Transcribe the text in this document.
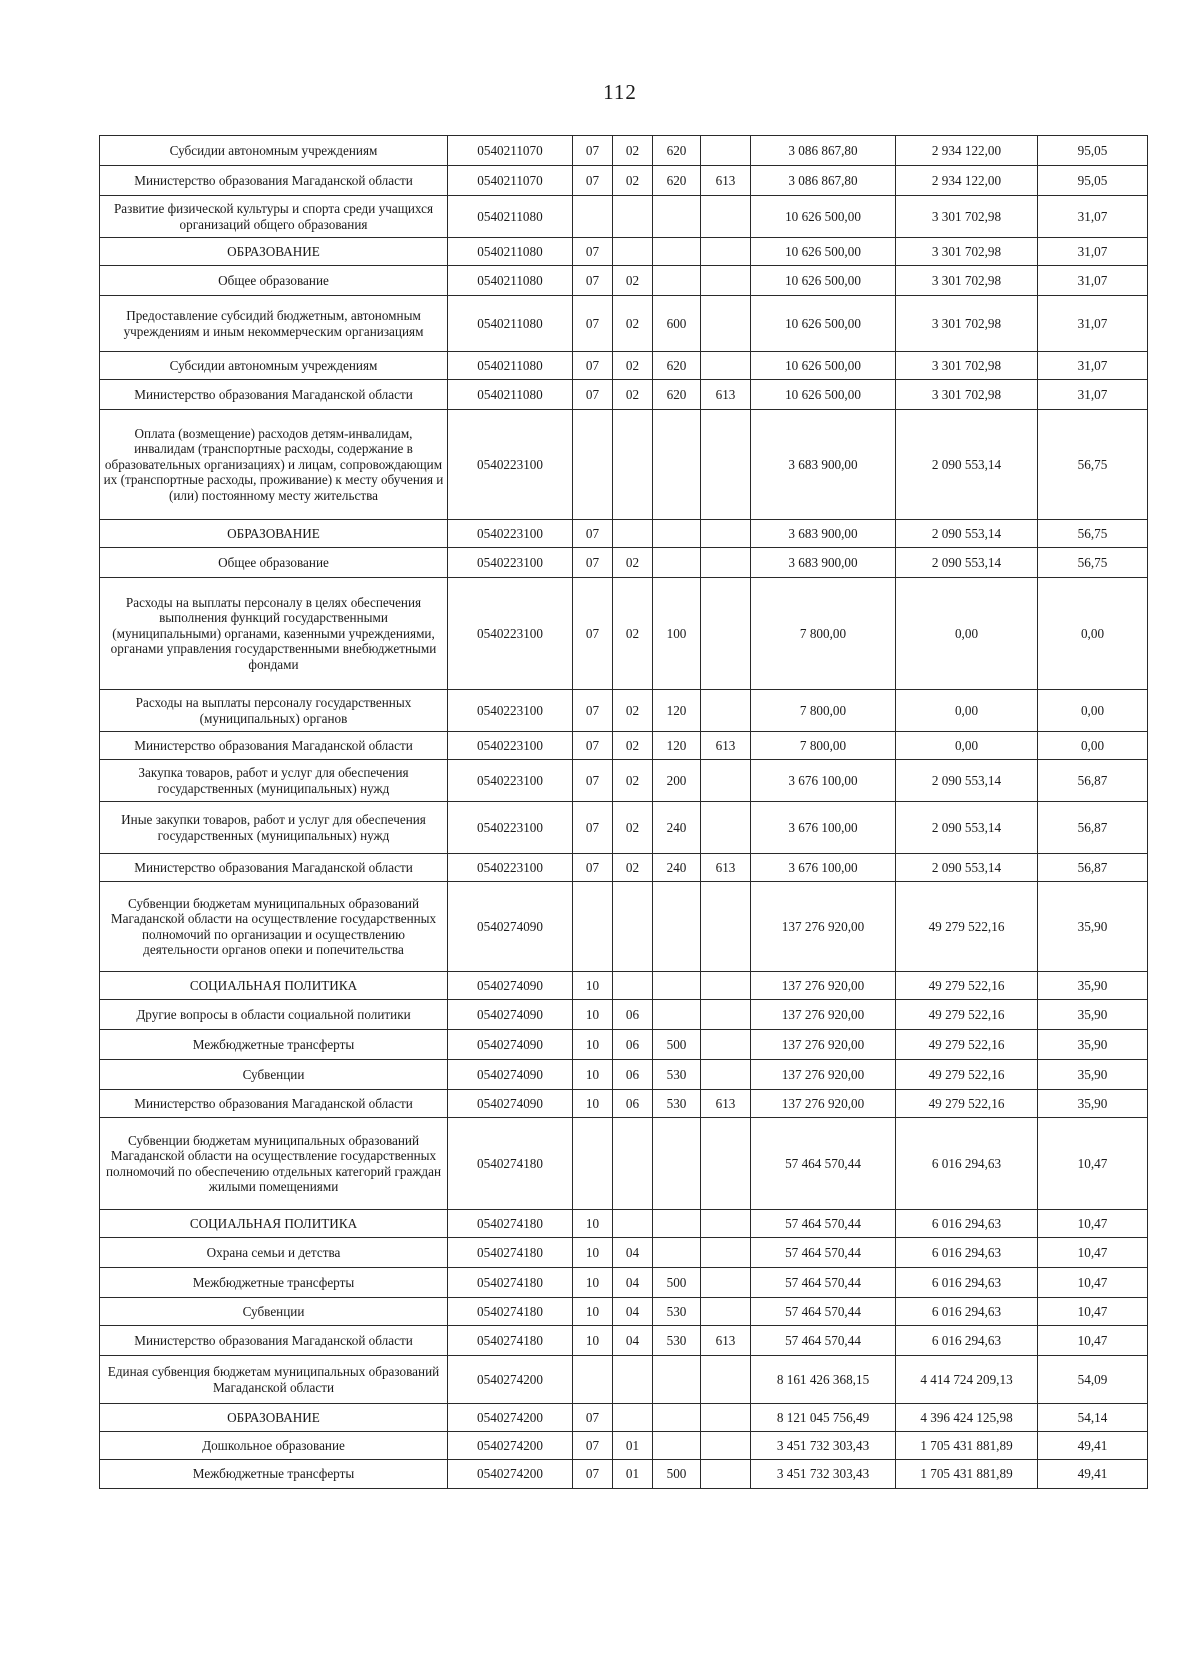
112
Субсидии автономным учреждениям	0540211070	07	02	620		3 086 867,80	2 934 122,00	95,05
Министерство образования Магаданской области	0540211070	07	02	620	613	3 086 867,80	2 934 122,00	95,05
Развитие физической культуры и спорта среди учащихся организаций общего образования	0540211080					10 626 500,00	3 301 702,98	31,07
ОБРАЗОВАНИЕ	0540211080	07				10 626 500,00	3 301 702,98	31,07
Общее образование	0540211080	07	02			10 626 500,00	3 301 702,98	31,07
Предоставление субсидий бюджетным, автономным учреждениям и иным некоммерческим организациям	0540211080	07	02	600		10 626 500,00	3 301 702,98	31,07
Субсидии автономным учреждениям	0540211080	07	02	620		10 626 500,00	3 301 702,98	31,07
Министерство образования Магаданской области	0540211080	07	02	620	613	10 626 500,00	3 301 702,98	31,07
Оплата (возмещение) расходов детям-инвалидам, инвалидам (транспортные расходы, содержание в образовательных организациях) и лицам, сопровождающим их (транспортные расходы, проживание) к месту обучения и (или) постоянному месту жительства	0540223100					3 683 900,00	2 090 553,14	56,75
ОБРАЗОВАНИЕ	0540223100	07				3 683 900,00	2 090 553,14	56,75
Общее образование	0540223100	07	02			3 683 900,00	2 090 553,14	56,75
Расходы на выплаты персоналу в целях обеспечения выполнения функций государственными (муниципальными) органами, казенными учреждениями, органами управления государственными внебюджетными фондами	0540223100	07	02	100		7 800,00	0,00	0,00
Расходы на выплаты персоналу государственных (муниципальных) органов	0540223100	07	02	120		7 800,00	0,00	0,00
Министерство образования Магаданской области	0540223100	07	02	120	613	7 800,00	0,00	0,00
Закупка товаров, работ и услуг для обеспечения государственных (муниципальных) нужд	0540223100	07	02	200		3 676 100,00	2 090 553,14	56,87
Иные закупки товаров, работ и услуг для обеспечения государственных (муниципальных) нужд	0540223100	07	02	240		3 676 100,00	2 090 553,14	56,87
Министерство образования Магаданской области	0540223100	07	02	240	613	3 676 100,00	2 090 553,14	56,87
Субвенции бюджетам муниципальных образований Магаданской области на осуществление государственных полномочий по организации и осуществлению деятельности органов опеки и попечительства	0540274090					137 276 920,00	49 279 522,16	35,90
СОЦИАЛЬНАЯ ПОЛИТИКА	0540274090	10				137 276 920,00	49 279 522,16	35,90
Другие вопросы в области социальной политики	0540274090	10	06			137 276 920,00	49 279 522,16	35,90
Межбюджетные трансферты	0540274090	10	06	500		137 276 920,00	49 279 522,16	35,90
Субвенции	0540274090	10	06	530		137 276 920,00	49 279 522,16	35,90
Министерство образования Магаданской области	0540274090	10	06	530	613	137 276 920,00	49 279 522,16	35,90
Субвенции бюджетам муниципальных образований Магаданской области на осуществление государственных полномочий по обеспечению отдельных категорий граждан жилыми помещениями	0540274180					57 464 570,44	6 016 294,63	10,47
СОЦИАЛЬНАЯ ПОЛИТИКА	0540274180	10				57 464 570,44	6 016 294,63	10,47
Охрана семьи и детства	0540274180	10	04			57 464 570,44	6 016 294,63	10,47
Межбюджетные трансферты	0540274180	10	04	500		57 464 570,44	6 016 294,63	10,47
Субвенции	0540274180	10	04	530		57 464 570,44	6 016 294,63	10,47
Министерство образования Магаданской области	0540274180	10	04	530	613	57 464 570,44	6 016 294,63	10,47
Единая субвенция бюджетам муниципальных образований Магаданской области	0540274200					8 161 426 368,15	4 414 724 209,13	54,09
ОБРАЗОВАНИЕ	0540274200	07				8 121 045 756,49	4 396 424 125,98	54,14
Дошкольное образование	0540274200	07	01			3 451 732 303,43	1 705 431 881,89	49,41
Межбюджетные трансферты	0540274200	07	01	500		3 451 732 303,43	1 705 431 881,89	49,41
